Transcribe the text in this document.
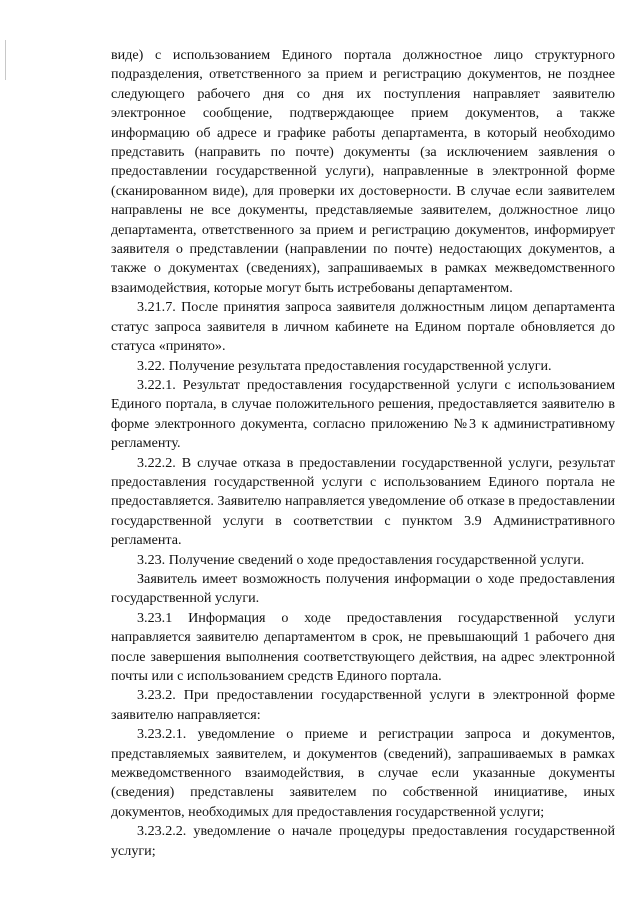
виде) с использованием Единого портала должностное лицо структурного подразделения, ответственного за прием и регистрацию документов, не позднее следующего рабочего дня со дня их поступления направляет заявителю электронное сообщение, подтверждающее прием документов, а также информацию об адресе и графике работы департамента, в который необходимо представить (направить по почте) документы (за исключением заявления о предоставлении государственной услуги), направленные в электронной форме (сканированном виде), для проверки их достоверности. В случае если заявителем направлены не все документы, представляемые заявителем, должностное лицо департамента, ответственного за прием и регистрацию документов, информирует заявителя о представлении (направлении по почте) недостающих документов, а также о документах (сведениях), запрашиваемых в рамках межведомственного взаимодействия, которые могут быть истребованы департаментом.

3.21.7. После принятия запроса заявителя должностным лицом департамента статус запроса заявителя в личном кабинете на Едином портале обновляется до статуса «принято».

3.22. Получение результата предоставления государственной услуги.

3.22.1. Результат предоставления государственной услуги с использованием Единого портала, в случае положительного решения, предоставляется заявителю в форме электронного документа, согласно приложению №3 к административному регламенту.

3.22.2. В случае отказа в предоставлении государственной услуги, результат предоставления государственной услуги с использованием Единого портала не предоставляется. Заявителю направляется уведомление об отказе в предоставлении государственной услуги в соответствии с пунктом 3.9 Административного регламента.

3.23. Получение сведений о ходе предоставления государственной услуги.

Заявитель имеет возможность получения информации о ходе предоставления государственной услуги.

3.23.1 Информация о ходе предоставления государственной услуги направляется заявителю департаментом в срок, не превышающий 1 рабочего дня после завершения выполнения соответствующего действия, на адрес электронной почты или с использованием средств Единого портала.

3.23.2. При предоставлении государственной услуги в электронной форме заявителю направляется:

3.23.2.1. уведомление о приеме и регистрации запроса и документов, представляемых заявителем, и документов (сведений), запрашиваемых в рамках межведомственного взаимодействия, в случае если указанные документы (сведения) представлены заявителем по собственной инициативе, иных документов, необходимых для предоставления государственной услуги;

3.23.2.2. уведомление о начале процедуры предоставления государственной услуги;
